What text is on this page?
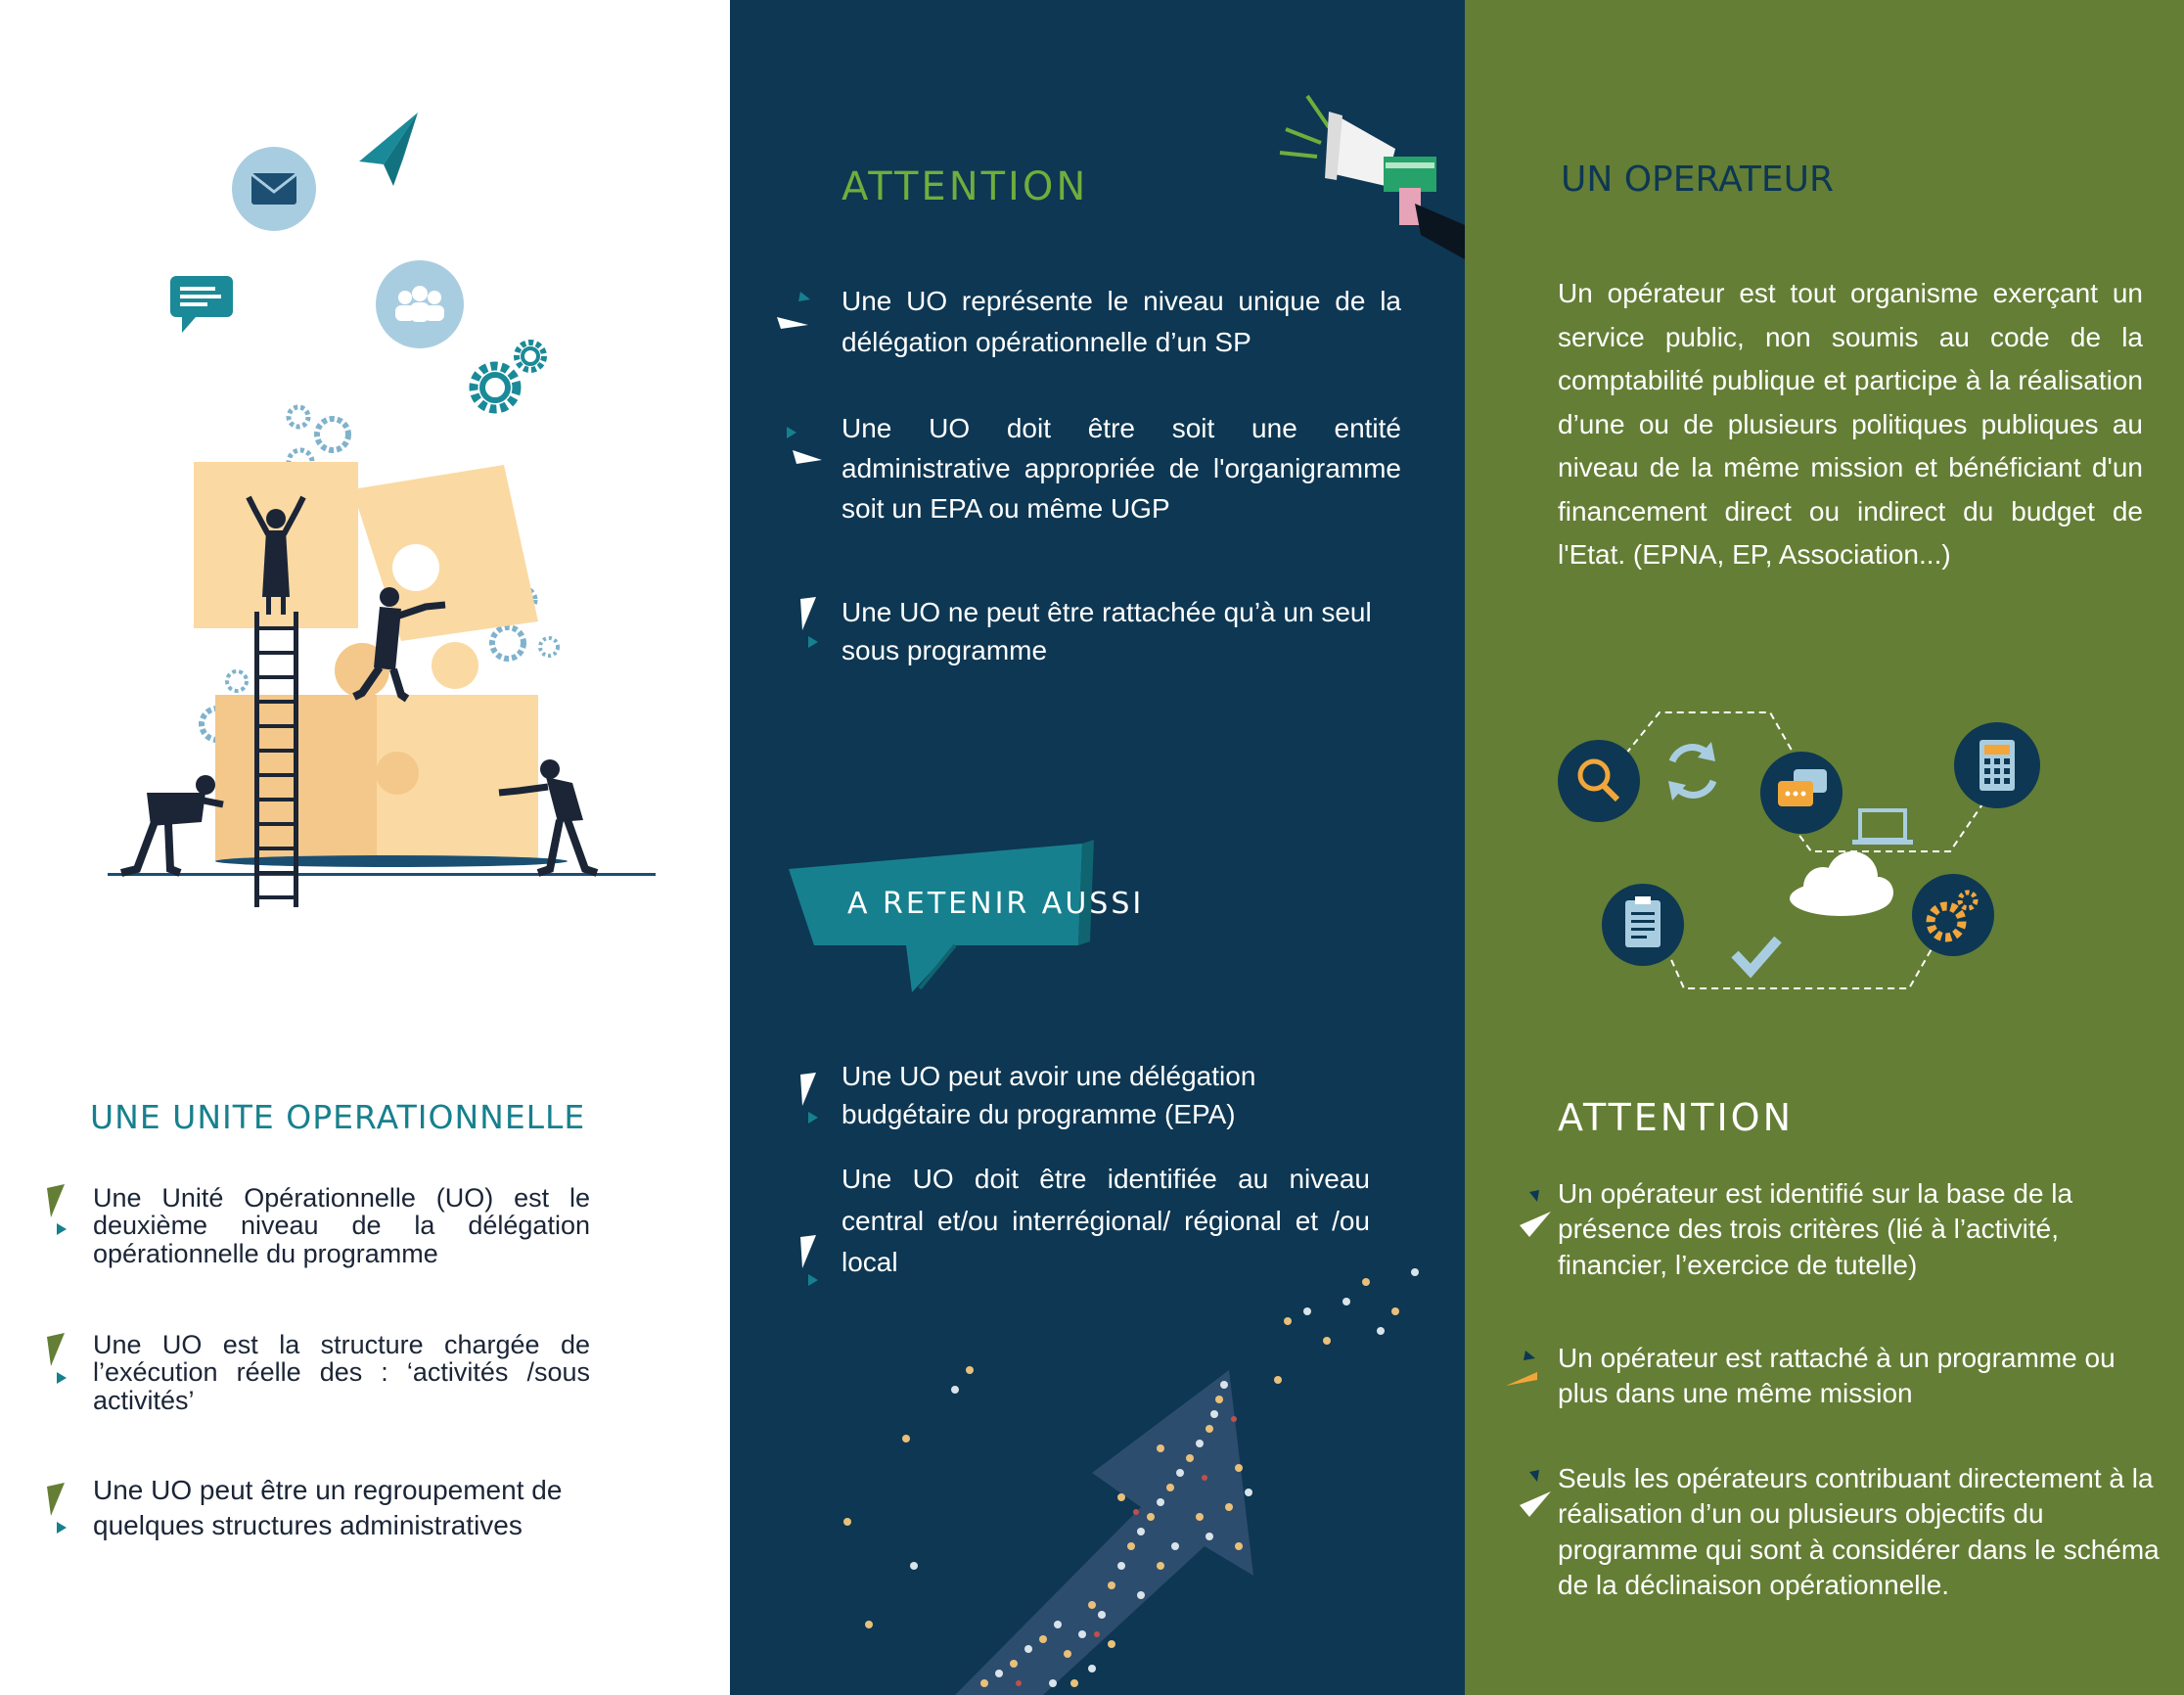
UNE UNITE OPERATIONNELLE
Une Unité Opérationnelle (UO) est le deuxième niveau de la délégation opérationnelle du programme
Une UO est la structure chargée de l’exécution réelle des : ‘activités /sous activités’
Une UO peut être un regroupement de quelques structures administratives
ATTENTION
Une UO représente le niveau unique de la délégation opérationnelle d’un SP
Une UO doit être soit une entité administrative appropriée de l'organigramme soit un EPA ou même UGP
Une UO ne peut être rattachée qu’à un seul sous programme
A RETENIR AUSSI
Une UO peut avoir une délégation budgétaire du programme (EPA)
Une UO doit être identifiée au niveau central et/ou interrégional/ régional et /ou local
UN OPERATEUR
Un opérateur est tout organisme exerçant un service public, non soumis au code de la comptabilité publique et participe à la réalisation d’une ou de plusieurs politiques publiques au niveau de la même mission et bénéficiant d'un financement direct ou indirect du budget de l'Etat. (EPNA, EP, Association...)
ATTENTION
Un opérateur est identifié sur la base de la présence des trois critères (lié à l’activité, financier, l’exercice de tutelle)
Un opérateur est rattaché à un programme ou plus dans une même mission
Seuls les opérateurs contribuant directement à la réalisation d’un ou plusieurs objectifs du programme qui sont à considérer dans le schéma de la déclinaison opérationnelle.
